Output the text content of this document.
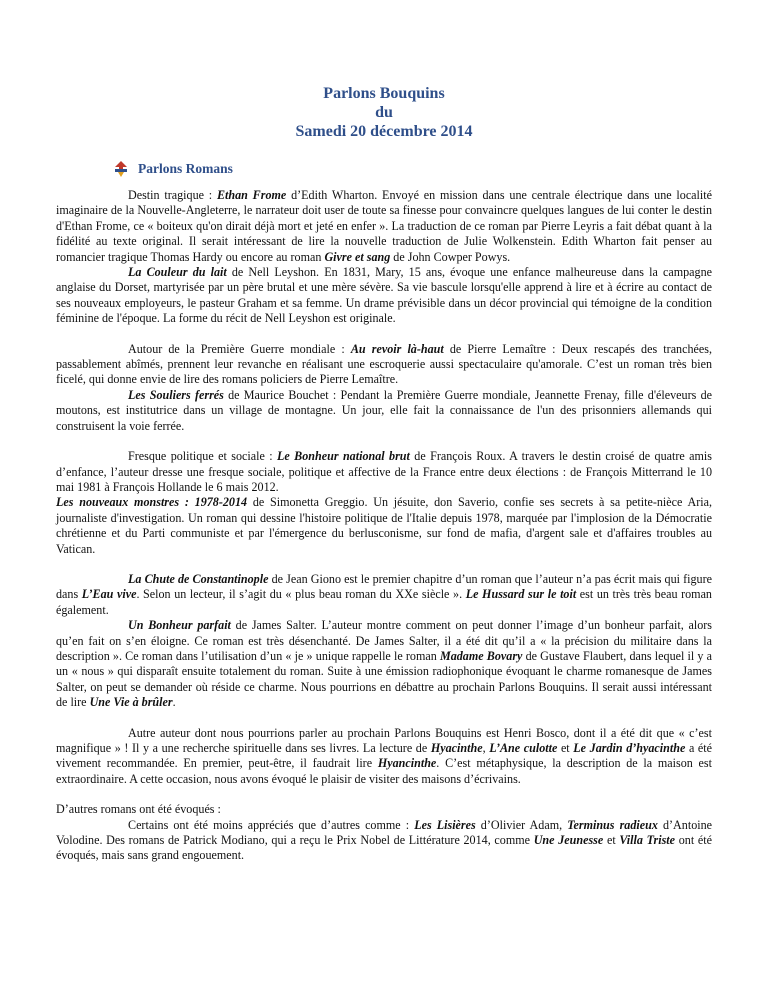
Parlons Bouquins
du
Samedi 20 décembre 2014
Parlons Romans

Destin tragique : Ethan Frome d’Edith Wharton. Envoyé en mission dans une centrale électrique dans une localité imaginaire de la Nouvelle-Angleterre, le narrateur doit user de toute sa finesse pour convaincre quelques langues de lui conter le destin d'Ethan Frome, ce « boiteux qu'on dirait déjà mort et jeté en enfer ». La traduction de ce roman par Pierre Leyris a fait débat quant à la fidélité au texte original. Il serait intéressant de lire la nouvelle traduction de Julie Wolkenstein. Edith Wharton fait penser au romancier tragique Thomas Hardy ou encore au roman Givre et sang de John Cowper Powys.

La Couleur du lait de Nell Leyshon. En 1831, Mary, 15 ans, évoque une enfance malheureuse dans la campagne anglaise du Dorset, martyrisée par un père brutal et une mère sévère. Sa vie bascule lorsqu'elle apprend à lire et à écrire au contact de ses nouveaux employeurs, le pasteur Graham et sa femme. Un drame prévisible dans un décor provincial qui témoigne de la condition féminine de l'époque. La forme du récit de Nell Leyshon est originale.

Autour de la Première Guerre mondiale : Au revoir là-haut de Pierre Lemaître : Deux rescapés des tranchées, passablement abîmés, prennent leur revanche en réalisant une escroquerie aussi spectaculaire qu'amorale. C’est un roman très bien ficelé, qui donne envie de lire des romans policiers de Pierre Lemaître.

Les Souliers ferrés de Maurice Bouchet : Pendant la Première Guerre mondiale, Jeannette Frenay, fille d'éleveurs de moutons, est institutrice dans un village de montagne. Un jour, elle fait la connaissance de l'un des prisonniers allemands qui construisent la voie ferrée.

Fresque politique et sociale : Le Bonheur national brut de François Roux. A travers le destin croisé de quatre amis d’enfance, l’auteur dresse une fresque sociale, politique et affective de la France entre deux élections : de François Mitterrand le 10 mai 1981 à François Hollande le 6 mais 2012.

Les nouveaux monstres : 1978-2014 de Simonetta Greggio. Un jésuite, don Saverio, confie ses secrets à sa petite-nièce Aria, journaliste d'investigation. Un roman qui dessine l'histoire politique de l'Italie depuis 1978, marquée par l'implosion de la Démocratie chrétienne et du Parti communiste et par l'émergence du berlusconisme, sur fond de mafia, d'argent sale et d'affaires troubles au Vatican.

La Chute de Constantinople de Jean Giono est le premier chapitre d’un roman que l’auteur n’a pas écrit mais qui figure dans L’Eau vive. Selon un lecteur, il s’agit du « plus beau roman du XXe siècle ». Le Hussard sur le toit est un très très beau roman également.

Un Bonheur parfait de James Salter. L’auteur montre comment on peut donner l’image d’un bonheur parfait, alors qu’en fait on s’en éloigne. Ce roman est très désenchanté. De James Salter, il a été dit qu’il a « la précision du militaire dans la description ». Ce roman dans l’utilisation d’un « je » unique rappelle le roman Madame Bovary de Gustave Flaubert, dans lequel il y a un « nous » qui disparaît ensuite totalement du roman. Suite à une émission radiophonique évoquant le charme romanesque de James Salter, on peut se demander où réside ce charme. Nous pourrions en débattre au prochain Parlons Bouquins. Il serait aussi intéressant de lire Une Vie à brûler.

Autre auteur dont nous pourrions parler au prochain Parlons Bouquins est Henri Bosco, dont il a été dit que « c’est magnifique » ! Il y a une recherche spirituelle dans ses livres. La lecture de Hyacinthe, L’Ane culotte et Le Jardin d’hyacinthe a été vivement recommandée. En premier, peut-être, il faudrait lire Hyancinthe. C’est métaphysique, la description de la maison est extraordinaire. A cette occasion, nous avons évoqué le plaisir de visiter des maisons d’écrivains.

D’autres romans ont été évoqués :

Certains ont été moins appréciés que d’autres comme : Les Lisières d’Olivier Adam, Terminus radieux d’Antoine Volodine. Des romans de Patrick Modiano, qui a reçu le Prix Nobel de Littérature 2014, comme Une Jeunesse et Villa Triste ont été évoqués, mais sans grand engouement.
